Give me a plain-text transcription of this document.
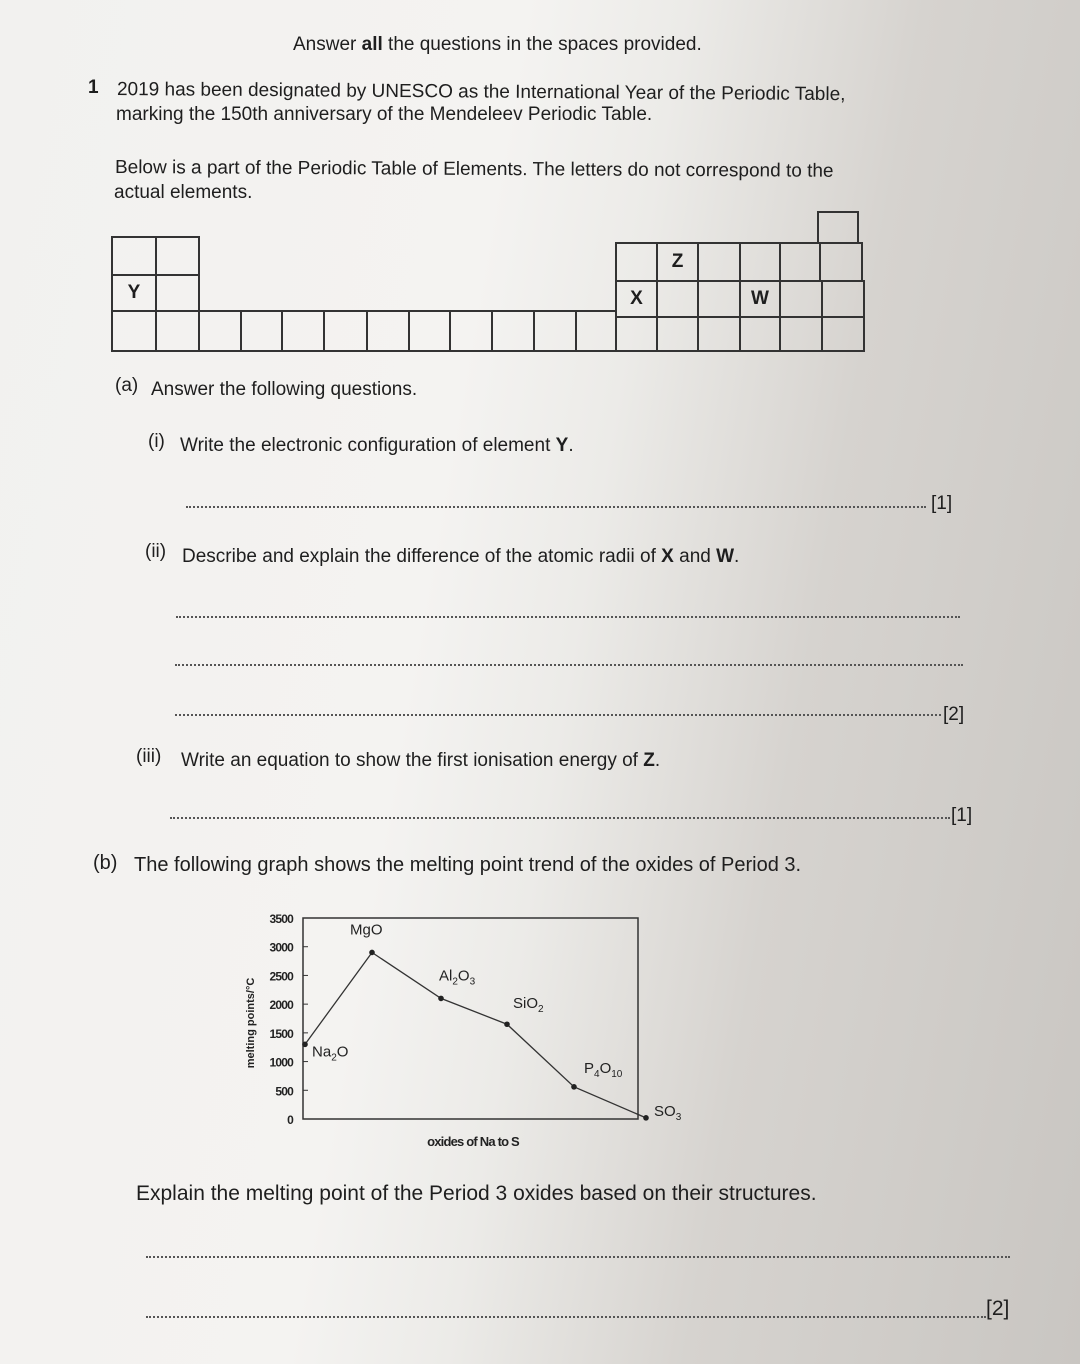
Answer all the questions in the spaces provided.
1 2019 has been designated by UNESCO as the International Year of the Periodic Table,
marking the 150th anniversary of the Mendeleev Periodic Table.
Below is a part of the Periodic Table of Elements. The letters do not correspond to the
actual elements.
Y
Z
X	W
(a) Answer the following questions.
(i) Write the electronic configuration of element Y.
[1]
(ii) Describe and explain the difference of the atomic radii of X and W.
[2]
(iii) Write an equation to show the first ionisation energy of Z.
[1]
(b) The following graph shows the melting point trend of the oxides of Period 3.
0
500
1000
1500
2000
2500
3000
3500
$Na_2O$
MgO
$Al_2O_3$
SiO$_2$
$P_4O_{10}$
$SO_3$
melting points/°C
oxides of Na to S
Explain the melting point of the Period 3 oxides based on their structures.
[2]
